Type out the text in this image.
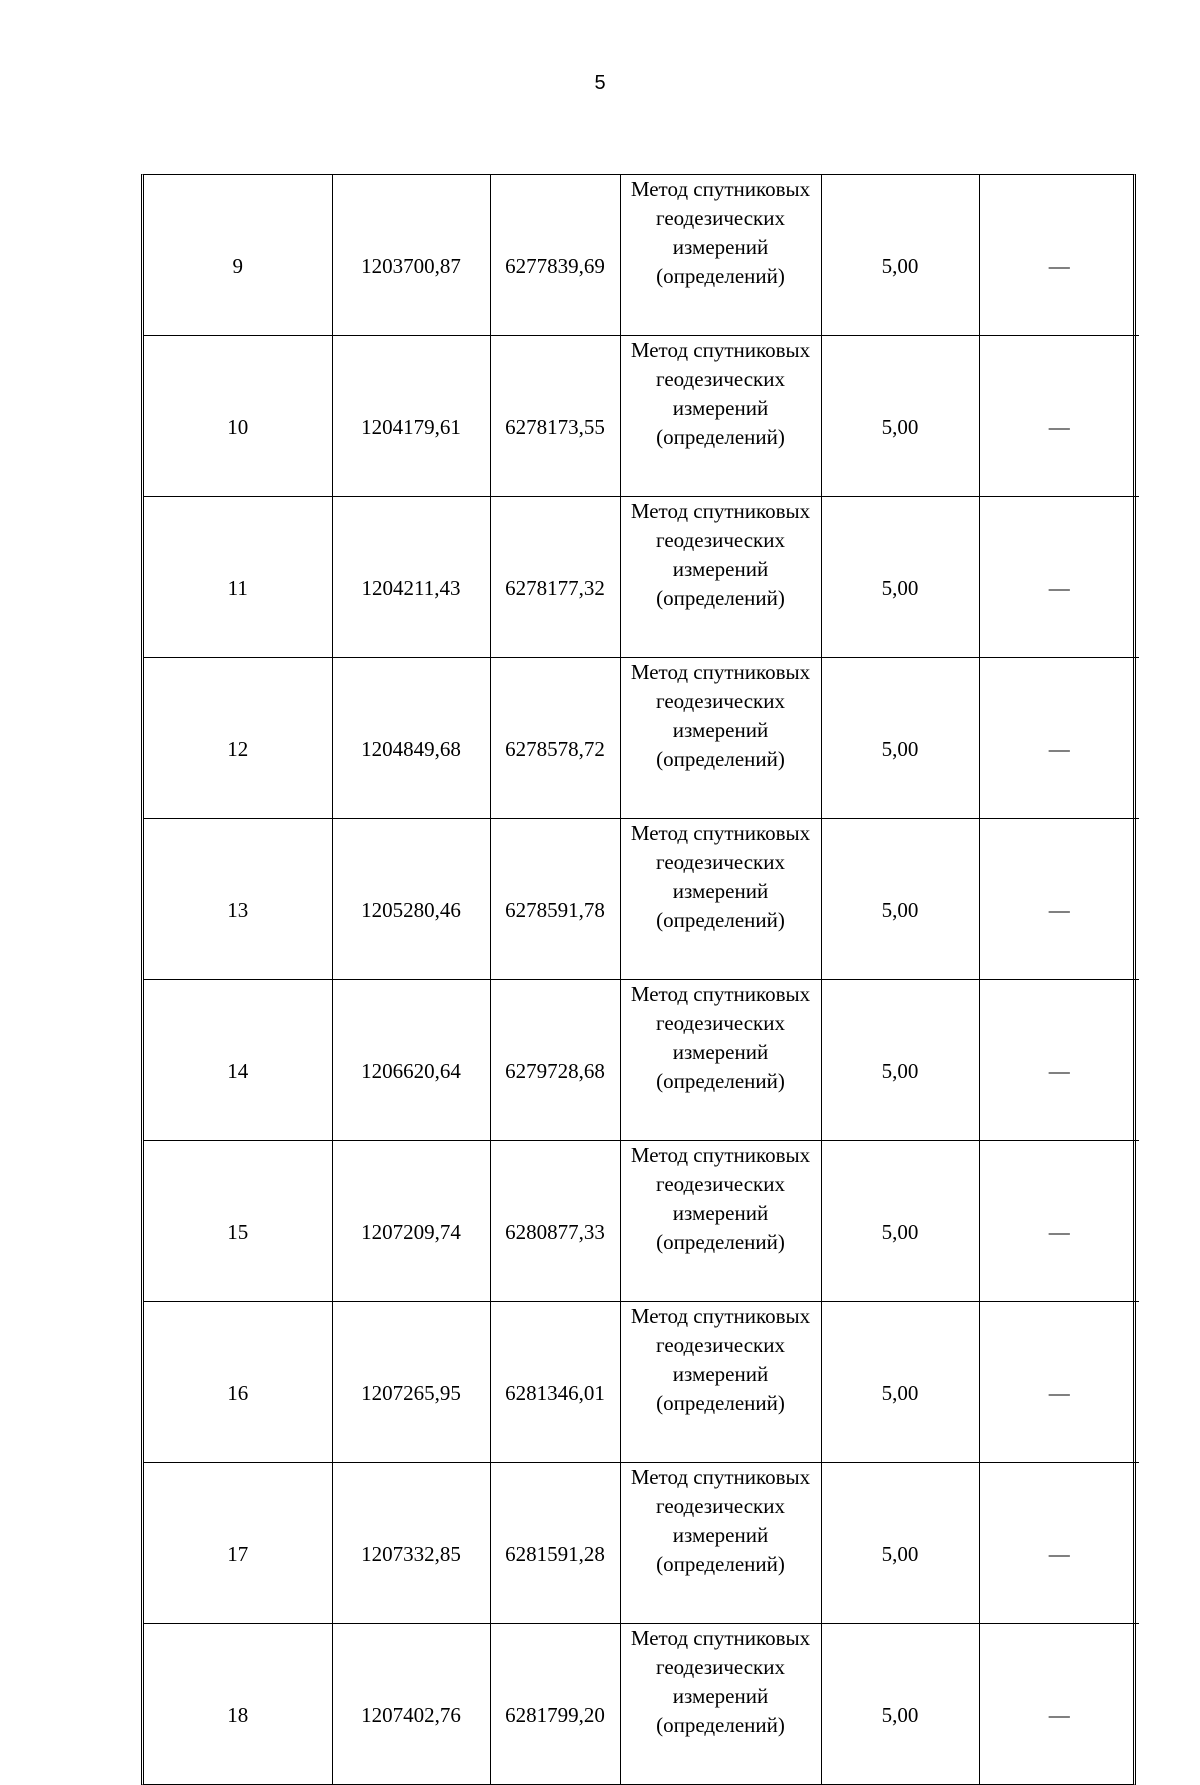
5
9	1203700,87	6277839,69	Метод спутниковых геодезических измерений (определений)	5,00	—
10	1204179,61	6278173,55	Метод спутниковых геодезических измерений (определений)	5,00	—
11	1204211,43	6278177,32	Метод спутниковых геодезических измерений (определений)	5,00	—
12	1204849,68	6278578,72	Метод спутниковых геодезических измерений (определений)	5,00	—
13	1205280,46	6278591,78	Метод спутниковых геодезических измерений (определений)	5,00	—
14	1206620,64	6279728,68	Метод спутниковых геодезических измерений (определений)	5,00	—
15	1207209,74	6280877,33	Метод спутниковых геодезических измерений (определений)	5,00	—
16	1207265,95	6281346,01	Метод спутниковых геодезических измерений (определений)	5,00	—
17	1207332,85	6281591,28	Метод спутниковых геодезических измерений (определений)	5,00	—
18	1207402,76	6281799,20	Метод спутниковых геодезических измерений (определений)	5,00	—
